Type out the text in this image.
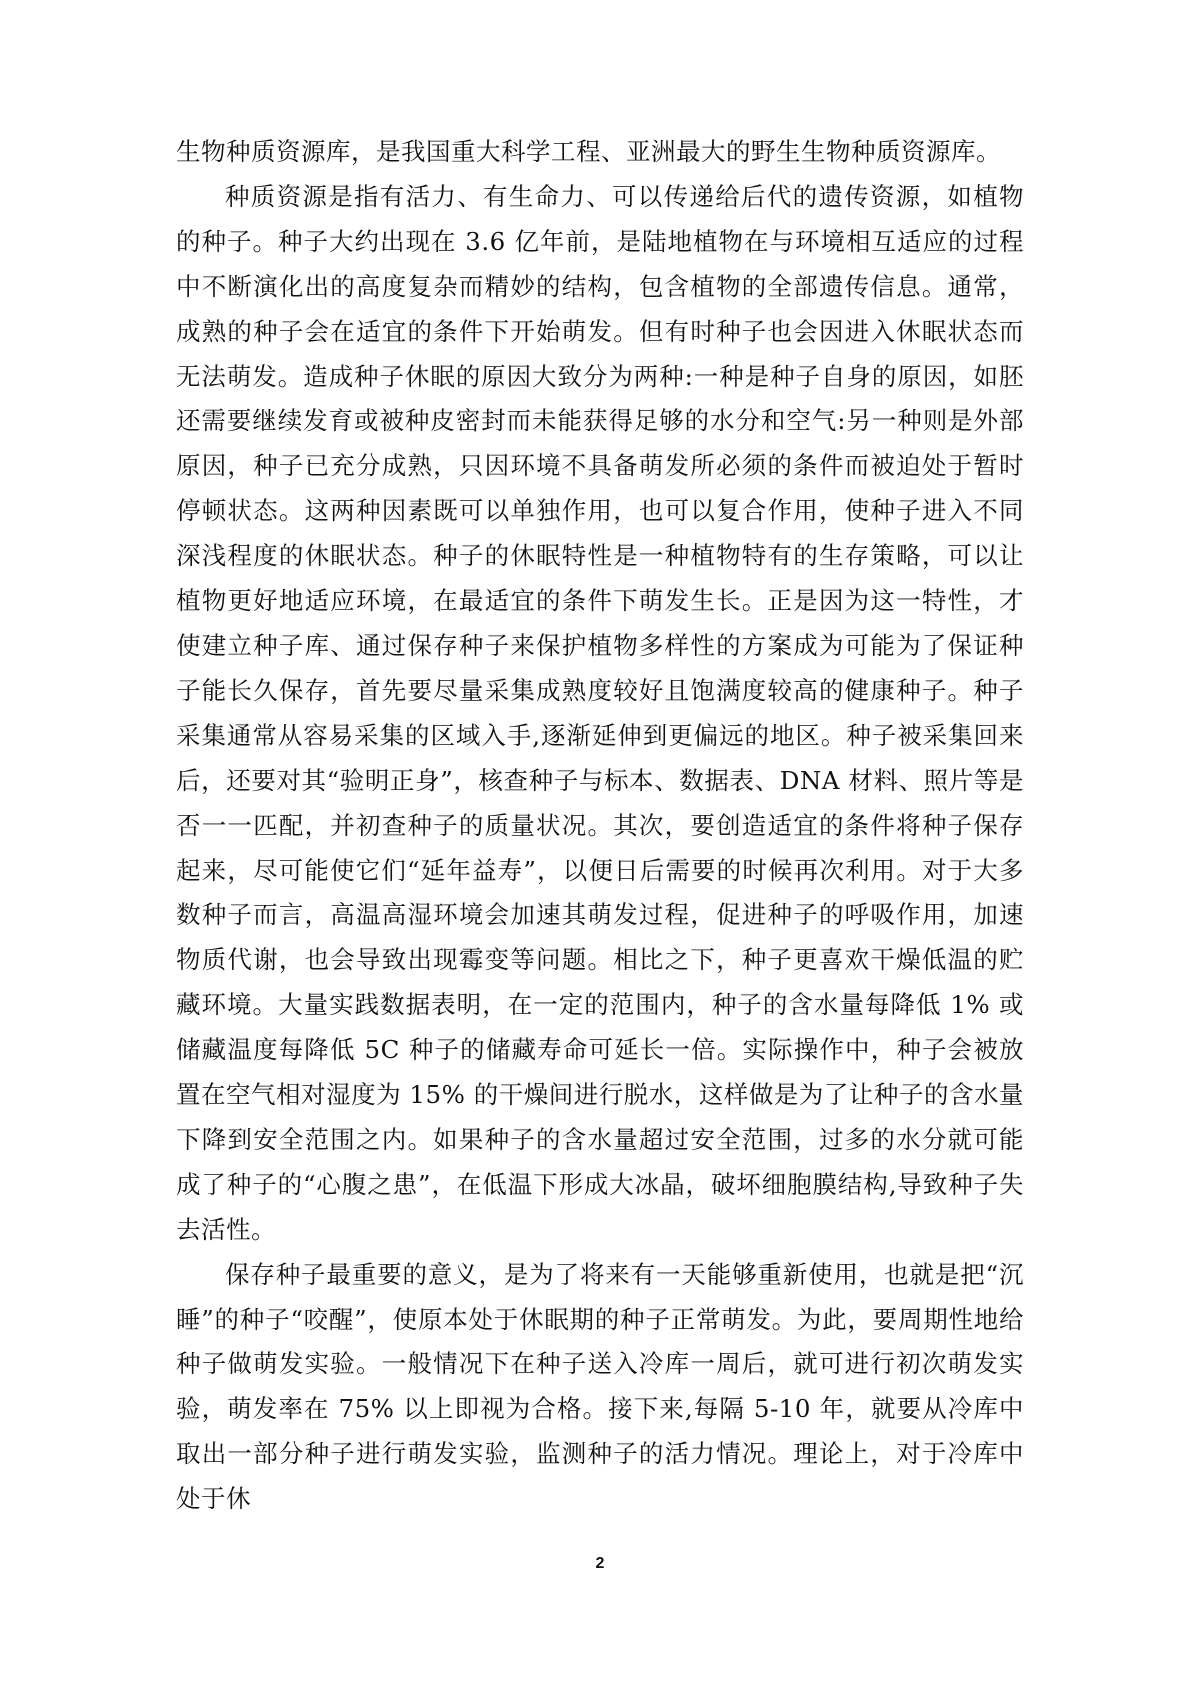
生物种质资源库，是我国重大科学工程、亚洲最大的野生生物种质资源库。

种质资源是指有活力、有生命力、可以传递给后代的遗传资源，如植物的种子。种子大约出现在 3.6 亿年前，是陆地植物在与环境相互适应的过程中不断演化出的高度复杂而精妙的结构，包含植物的全部遗传信息。通常，成熟的种子会在适宜的条件下开始萌发。但有时种子也会因进入休眠状态而无法萌发。造成种子休眠的原因大致分为两种:一种是种子自身的原因，如胚还需要继续发育或被种皮密封而未能获得足够的水分和空气:另一种则是外部原因，种子已充分成熟，只因环境不具备萌发所必须的条件而被迫处于暂时停顿状态。这两种因素既可以单独作用，也可以复合作用，使种子进入不同深浅程度的休眠状态。种子的休眠特性是一种植物特有的生存策略，可以让植物更好地适应环境，在最适宜的条件下萌发生长。正是因为这一特性，才使建立种子库、通过保存种子来保护植物多样性的方案成为可能为了保证种子能长久保存，首先要尽量采集成熟度较好且饱满度较高的健康种子。种子采集通常从容易采集的区域入手,逐渐延伸到更偏远的地区。种子被采集回来后，还要对其“验明正身”，核查种子与标本、数据表、DNA 材料、照片等是否一一匹配，并初查种子的质量状况。其次，要创造适宜的条件将种子保存起来，尽可能使它们“延年益寿”，以便日后需要的时候再次利用。对于大多数种子而言，高温高湿环境会加速其萌发过程，促进种子的呼吸作用，加速物质代谢，也会导致出现霉变等问题。相比之下，种子更喜欢干燥低温的贮藏环境。大量实践数据表明，在一定的范围内，种子的含水量每降低 1% 或储藏温度每降低 5C 种子的储藏寿命可延长一倍。实际操作中，种子会被放置在空气相对湿度为 15% 的干燥间进行脱水，这样做是为了让种子的含水量下降到安全范围之内。如果种子的含水量超过安全范围，过多的水分就可能成了种子的“心腹之患”，在低温下形成大冰晶，破坏细胞膜结构,导致种子失去活性。

保存种子最重要的意义，是为了将来有一天能够重新使用，也就是把“沉睡”的种子“咬醒”，使原本处于休眠期的种子正常萌发。为此，要周期性地给种子做萌发实验。一般情况下在种子送入冷库一周后，就可进行初次萌发实验，萌发率在 75% 以上即视为合格。接下来,每隔 5-10 年，就要从冷库中取出一部分种子进行萌发实验，监测种子的活力情况。理论上，对于冷库中处于休

2
